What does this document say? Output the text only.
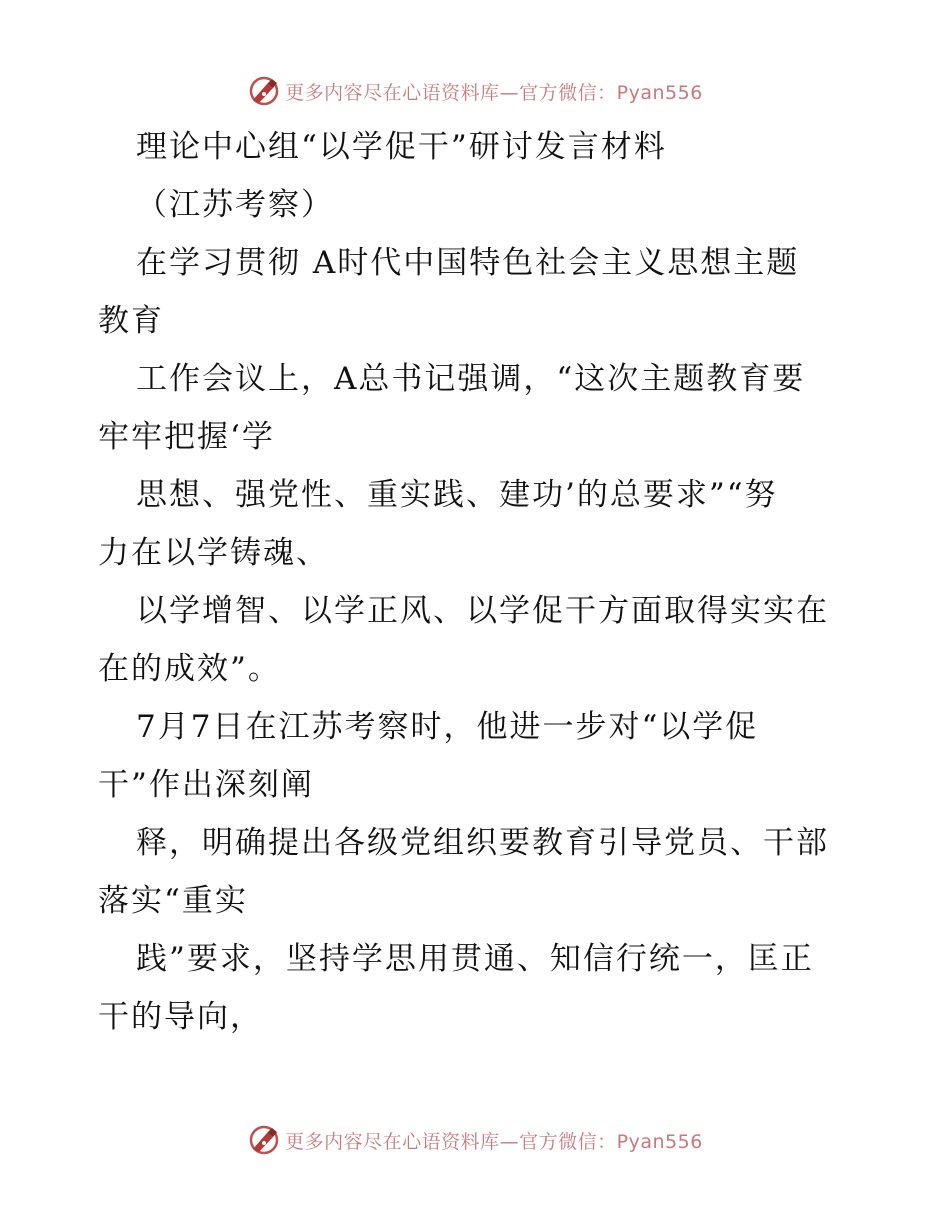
更多内容尽在心语资料库—官方微信：Pyan556
理论中心组“以学促干”研讨发言材料
（江苏考察）
在学习贯彻 A时代中国特色社会主义思想主题
教育
工作会议上，A总书记强调，“这次主题教育要
牢牢把握‘学
思想、强党性、重实践、建功’的总要求”“努
力在以学铸魂、
以学增智、以学正风、以学促干方面取得实实在
在的成效”。
7月7日在江苏考察时，他进一步对“以学促
干”作出深刻阐
释，明确提出各级党组织要教育引导党员、干部
落实“重实
践”要求，坚持学思用贯通、知信行统一，匡正
干的导向，
更多内容尽在心语资料库—官方微信：Pyan556
